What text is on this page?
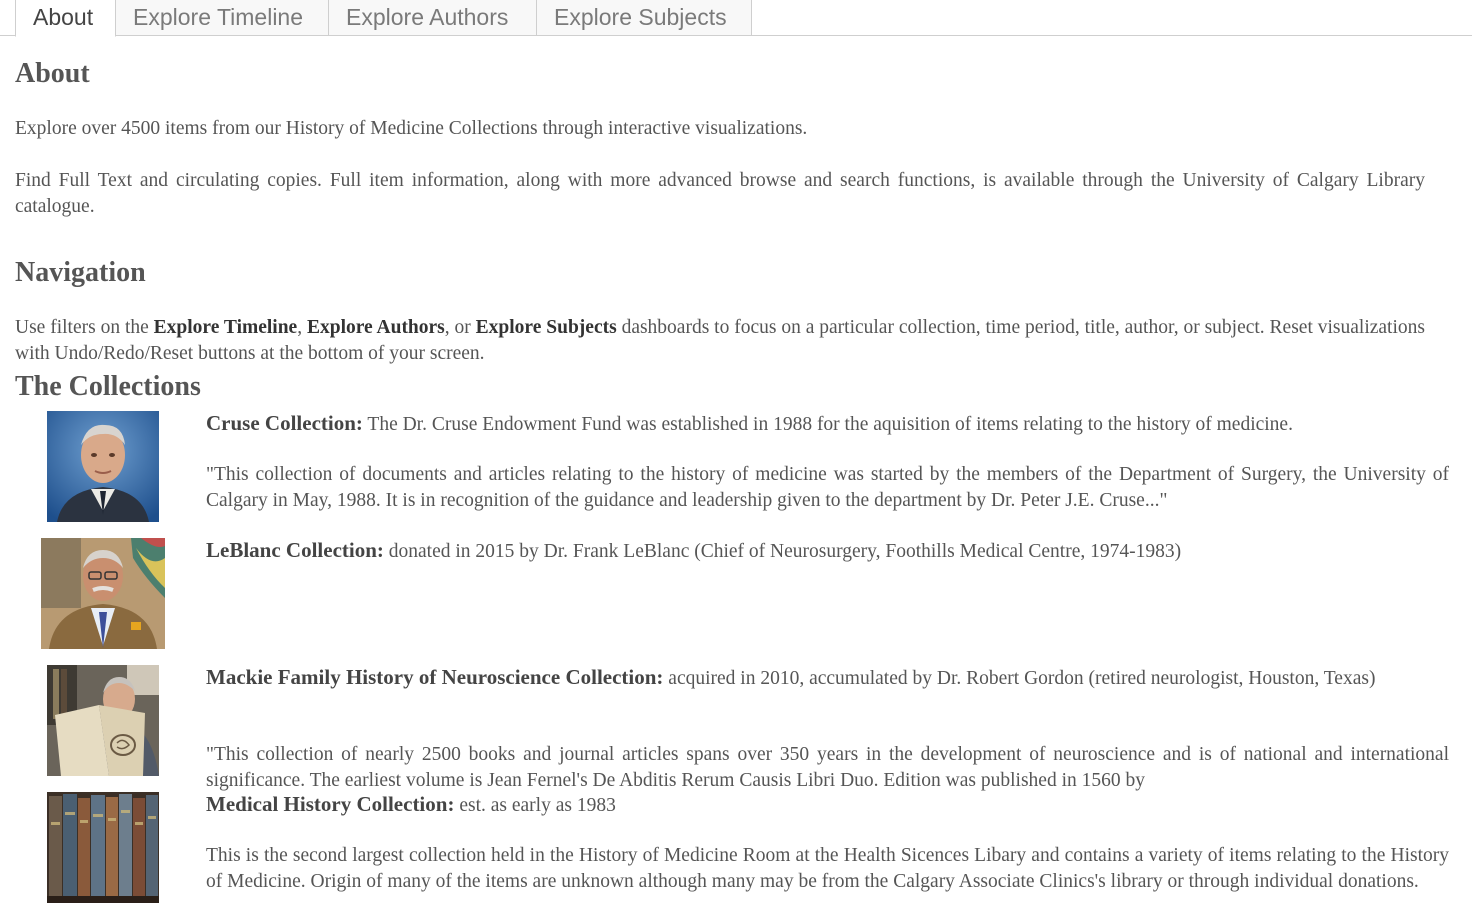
About	Explore Timeline	Explore Authors	Explore Subjects
About

Explore over 4500 items from our History of Medicine Collections through interactive visualizations.

Find Full Text and circulating copies. Full item information, along with more advanced browse and search functions, is available through the University of Calgary Library catalogue.

Navigation

Use filters on the Explore Timeline, Explore Authors, or Explore Subjects dashboards to focus on a particular collection, time period, title, author, or subject. Reset visualizations with Undo/Redo/Reset buttons at the bottom of your screen.

The Collections

Cruse Collection: The Dr. Cruse Endowment Fund was established in 1988 for the aquisition of items relating to the history of medicine.

"This collection of documents and articles relating to the history of medicine was started by the members of the Department of Surgery, the University of Calgary in May, 1988. It is in recognition of the guidance and leadership given to the department by Dr. Peter J.E. Cruse..."

LeBlanc Collection: donated in 2015 by Dr. Frank LeBlanc (Chief of Neurosurgery, Foothills Medical Centre, 1974-1983)

Mackie Family History of Neuroscience Collection: acquired in 2010, accumulated by Dr. Robert Gordon (retired neurologist, Houston, Texas)

"This collection of nearly 2500 books and journal articles spans over 350 years in the development of neuroscience and is of national and international significance. The earliest volume is Jean Fernel's De Abditis Rerum Causis Libri Duo. Edition was published in 1560 by

Medical History Collection: est. as early as 1983

This is the second largest collection held in the History of Medicine Room at the Health Sicences Libary and contains a variety of items relating to the History of Medicine. Origin of many of the items are unknown although many may be from the Calgary Associate Clinics's library or through individual donations.
